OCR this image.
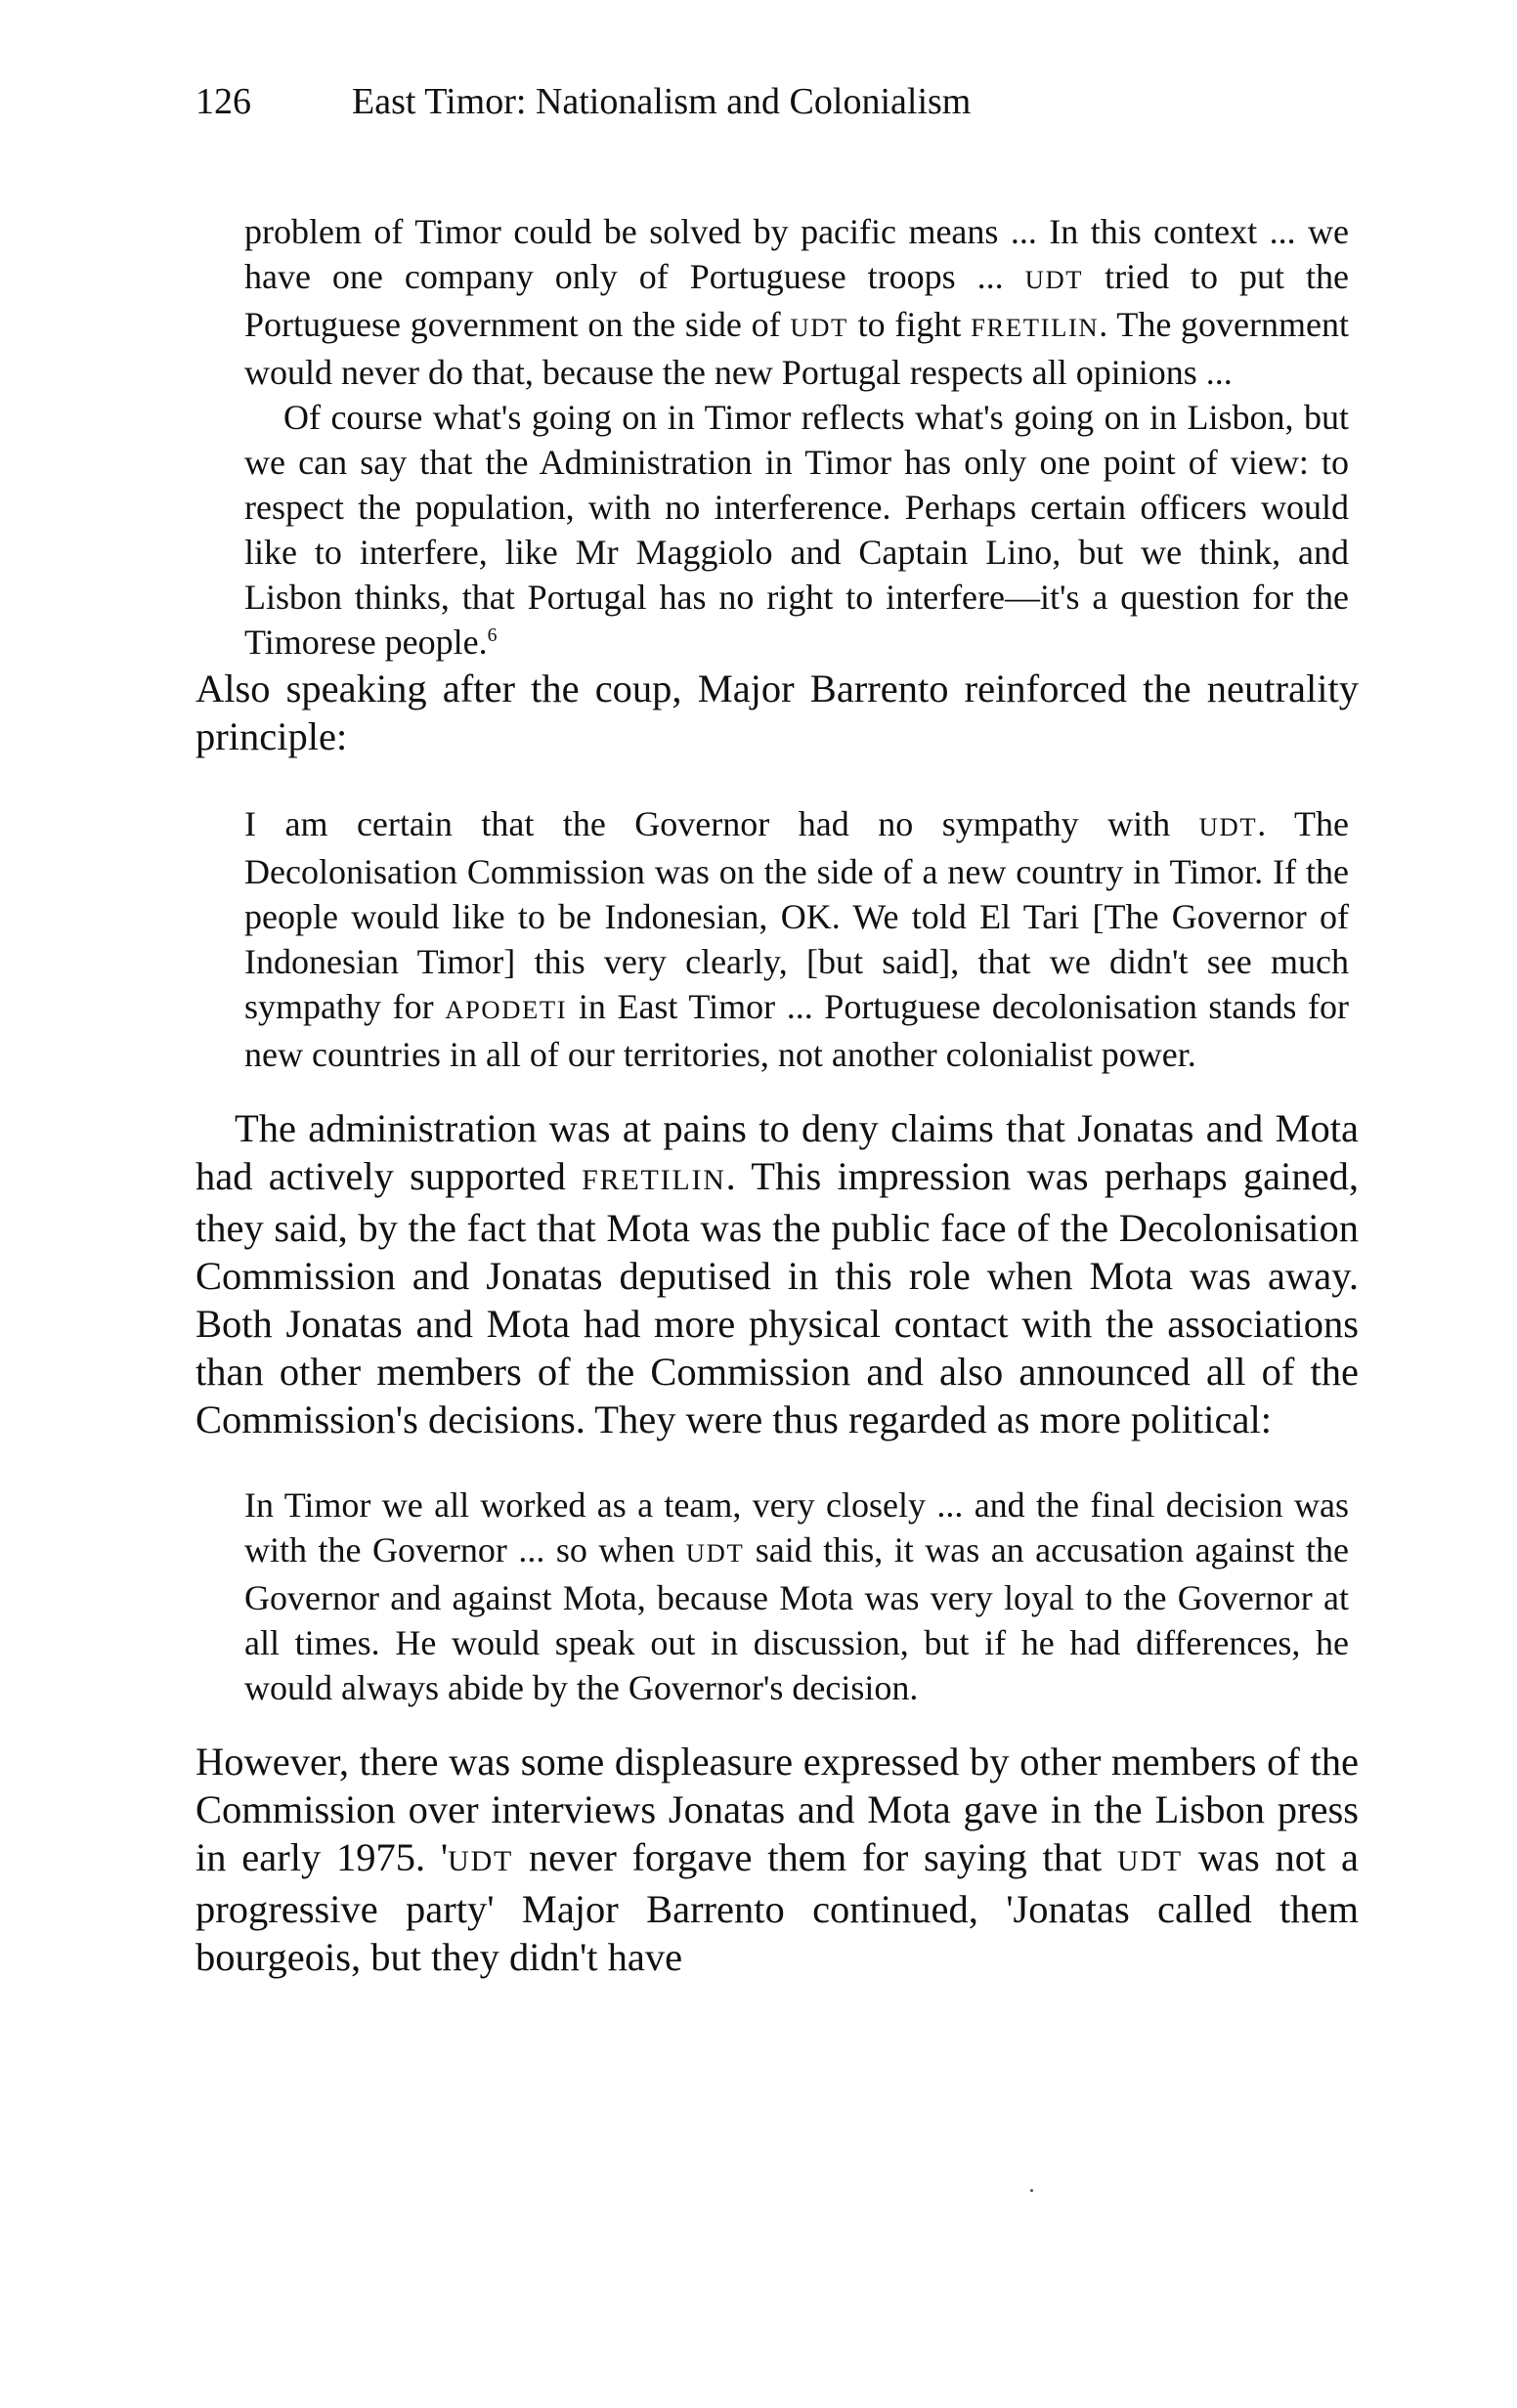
126	East Timor: Nationalism and Colonialism

problem of Timor could be solved by pacific means ... In this context ... we have one company only of Portuguese troops ... UDT tried to put the Portuguese government on the side of UDT to fight FRETILIN. The government would never do that, because the new Portugal respects all opinions ...

Of course what's going on in Timor reflects what's going on in Lisbon, but we can say that the Administration in Timor has only one point of view: to respect the population, with no interference. Perhaps certain officers would like to interfere, like Mr Maggiolo and Captain Lino, but we think, and Lisbon thinks, that Portugal has no right to interfere—it's a question for the Timorese people.$^6$

Also speaking after the coup, Major Barrento reinforced the neutrality principle:

I am certain that the Governor had no sympathy with UDT. The Decolonisation Commission was on the side of a new country in Timor. If the people would like to be Indonesian, OK. We told El Tari [The Governor of Indonesian Timor] this very clearly, [but said], that we didn't see much sympathy for APODETI in East Timor ... Portuguese decolonisation stands for new countries in all of our territories, not another colonialist power.

The administration was at pains to deny claims that Jonatas and Mota had actively supported FRETILIN. This impression was perhaps gained, they said, by the fact that Mota was the public face of the Decolonisation Commission and Jonatas deputised in this role when Mota was away. Both Jonatas and Mota had more physical contact with the associations than other members of the Commission and also announced all of the Commission's decisions. They were thus regarded as more political:

In Timor we all worked as a team, very closely ... and the final decision was with the Governor ... so when UDT said this, it was an accusation against the Governor and against Mota, because Mota was very loyal to the Governor at all times. He would speak out in discussion, but if he had differences, he would always abide by the Governor's decision.

However, there was some displeasure expressed by other members of the Commission over interviews Jonatas and Mota gave in the Lisbon press in early 1975. 'UDT never forgave them for saying that UDT was not a progressive party' Major Barrento continued, 'Jonatas called them bourgeois, but they didn't have
